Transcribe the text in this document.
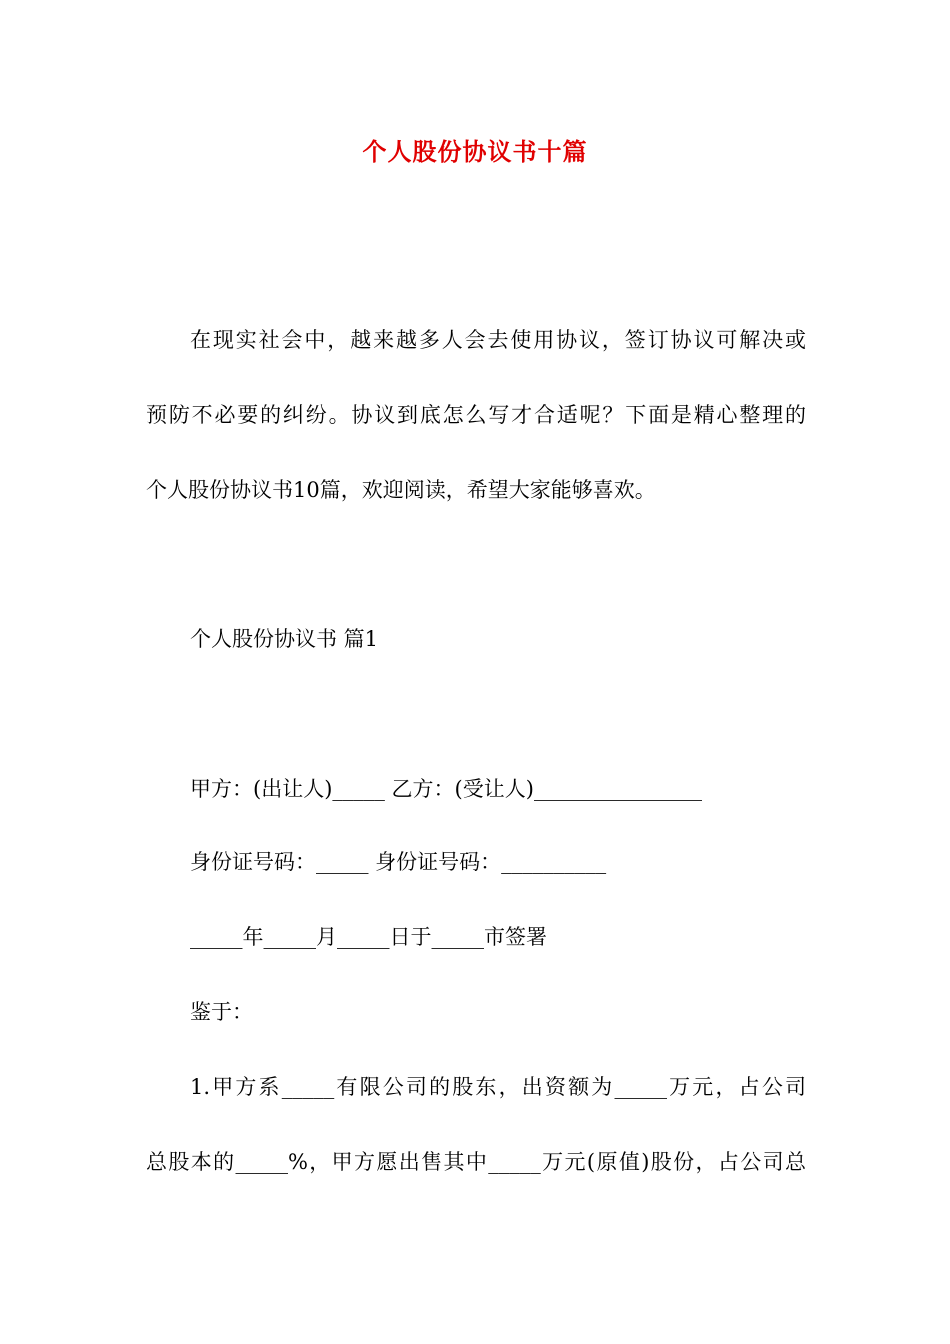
个人股份协议书十篇
在现实社会中，越来越多人会去使用协议，签订协议可解决或
预防不必要的纠纷。协议到底怎么写才合适呢？下面是精心整理的
个人股份协议书10篇，欢迎阅读，希望大家能够喜欢。
个人股份协议书 篇1
甲方：(出让人)_____ 乙方：(受让人)________________
身份证号码：_____ 身份证号码：__________
_____年_____月_____日于_____市签署
鉴于：
1.甲方系_____有限公司的股东，出资额为_____万元，占公司
总股本的_____%，甲方愿出售其中_____万元(原值)股份，占公司总
